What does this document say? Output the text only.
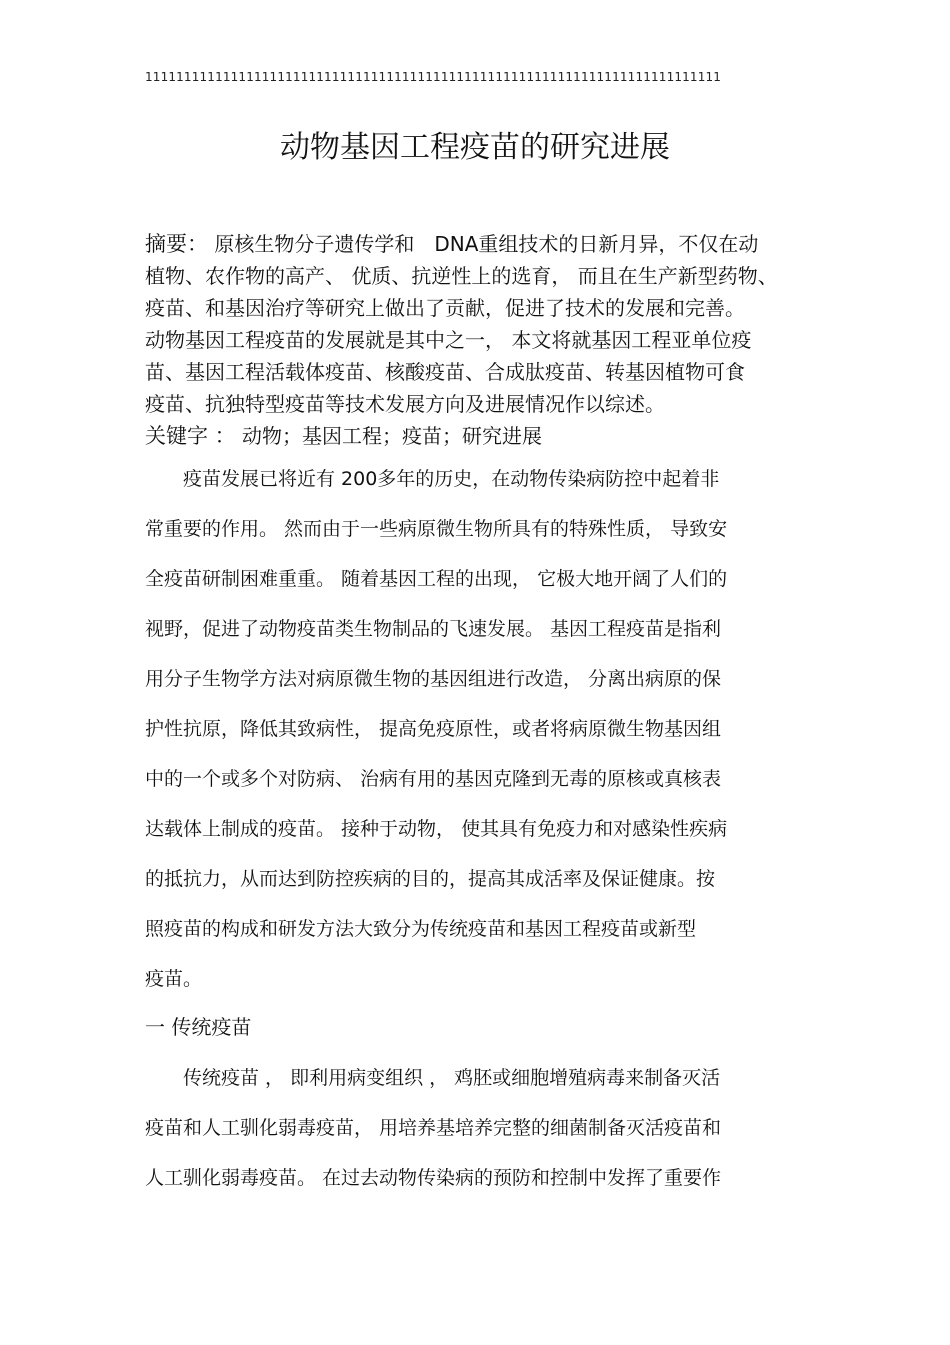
11111111111111111111111111111111111111111111111111111111111111111111111111
动物基因工程疫苗的研究进展
摘要： 原核生物分子遗传学和　DNA重组技术的日新月异，不仅在动
植物、农作物的高产、 优质、抗逆性上的选育， 而且在生产新型药物、
疫苗、和基因治疗等研究上做出了贡献，促进了技术的发展和完善。
动物基因工程疫苗的发展就是其中之一， 本文将就基因工程亚单位疫
苗、基因工程活载体疫苗、核酸疫苗、合成肽疫苗、转基因植物可食
疫苗、抗独特型疫苗等技术发展方向及进展情况作以综述。
关键字 ： 动物；基因工程；疫苗；研究进展
　　疫苗发展已将近有 200多年的历史，在动物传染病防控中起着非
常重要的作用。 然而由于一些病原微生物所具有的特殊性质， 导致安
全疫苗研制困难重重。 随着基因工程的出现， 它极大地开阔了人们的
视野，促进了动物疫苗类生物制品的飞速发展。 基因工程疫苗是指利
用分子生物学方法对病原微生物的基因组进行改造， 分离出病原的保
护性抗原，降低其致病性， 提高免疫原性，或者将病原微生物基因组
中的一个或多个对防病、 治病有用的基因克隆到无毒的原核或真核表
达载体上制成的疫苗。 接种于动物， 使其具有免疫力和对感染性疾病
的抵抗力，从而达到防控疾病的目的，提高其成活率及保证健康。按
照疫苗的构成和研发方法大致分为传统疫苗和基因工程疫苗或新型
疫苗。
一 传统疫苗
　　传统疫苗 ， 即利用病变组织 ， 鸡胚或细胞增殖病毒来制备灭活
疫苗和人工驯化弱毒疫苗， 用培养基培养完整的细菌制备灭活疫苗和
人工驯化弱毒疫苗。 在过去动物传染病的预防和控制中发挥了重要作
